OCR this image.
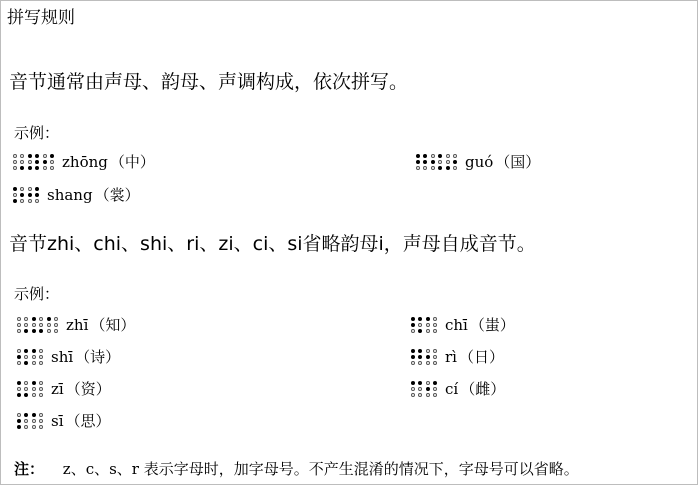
拼写规则
音节通常由声母、韵母、声调构成，依次拼写。
示例：
zhōng （中）	guó （国）
shang （裳）
音节zhi、chi、shi、ri、zi、ci、si省略韵母i，声母自成音节。
示例：
zhī （知）	chī （蚩）
shī （诗）	rì （日）
zī （资）	cí （雌）
sī （思）
注： z、c、s、r 表示字母时，加字母号。不产生混淆的情况下，字母号可以省略。
